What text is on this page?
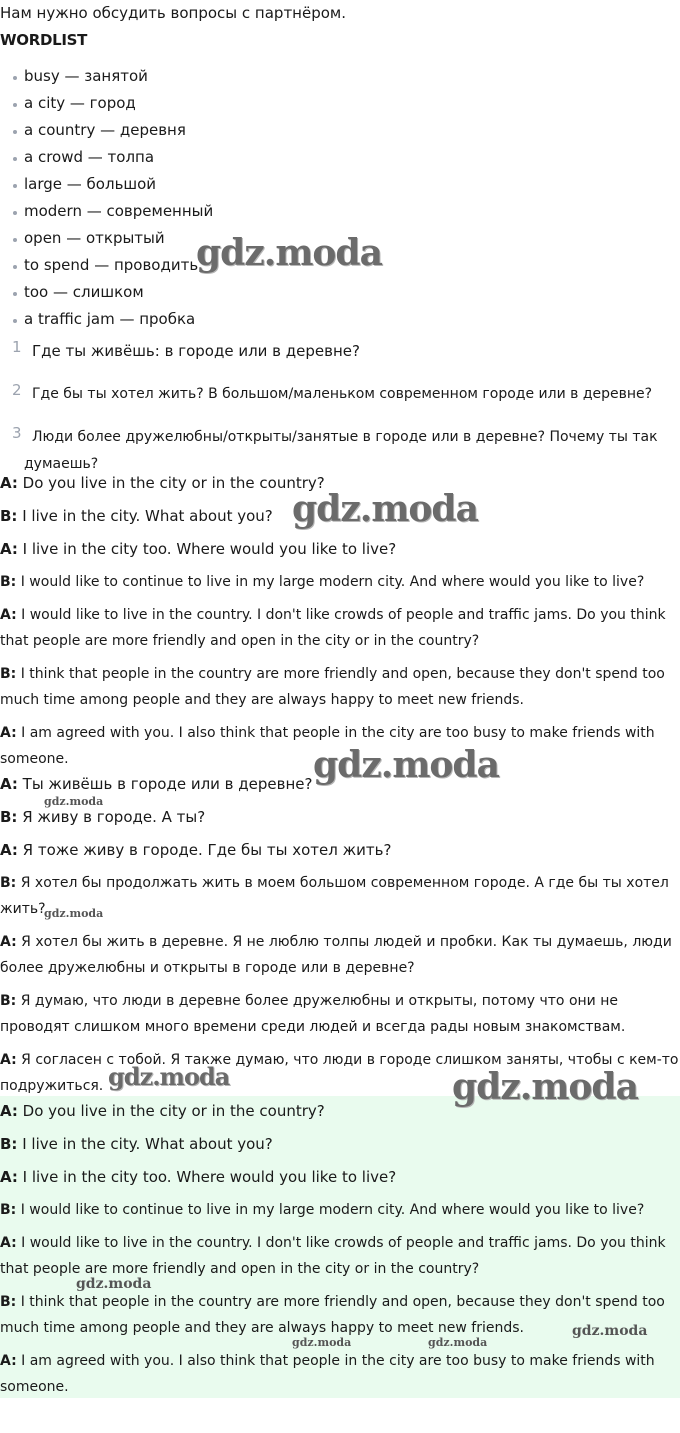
Нам нужно обсудить вопросы с партнёром.
WORDLIST
busy — занятой
a city — город
a country — деревня
a crowd — толпа
large — большой
modern — современный
open — открытый
to spend — проводить
too — слишком
a traffic jam — пробка
1 Где ты живёшь: в городе или в деревне?
2 Где бы ты хотел жить? В большом/маленьком современном городе или в деревне?
3 Люди более дружелюбны/открыты/занятые в городе или в деревне? Почему ты так
думаешь?
A: Do you live in the city or in the country?
B: I live in the city. What about you?
A: I live in the city too. Where would you like to live?
B: I would like to continue to live in my large modern city. And where would you like to live?
A: I would like to live in the country. I don't like crowds of people and traffic jams. Do you think that people are more friendly and open in the city or in the country?
B: I think that people in the country are more friendly and open, because they don't spend too much time among people and they are always happy to meet new friends.
A: I am agreed with you. I also think that people in the city are too busy to make friends with someone.
A: Ты живёшь в городе или в деревне?
B: Я живу в городе. А ты?
A: Я тоже живу в городе. Где бы ты хотел жить?
B: Я хотел бы продолжать жить в моем большом современном городе. А где бы ты хотел жить?
A: Я хотел бы жить в деревне. Я не люблю толпы людей и пробки. Как ты думаешь, люди более дружелюбны и открыты в городе или в деревне?
B: Я думаю, что люди в деревне более дружелюбны и открыты, потому что они не проводят слишком много времени среди людей и всегда рады новым знакомствам.
A: Я согласен с тобой. Я также думаю, что люди в городе слишком заняты, чтобы с кем-то подружиться.
A: Do you live in the city or in the country?
B: I live in the city. What about you?
A: I live in the city too. Where would you like to live?
B: I would like to continue to live in my large modern city. And where would you like to live?
A: I would like to live in the country. I don't like crowds of people and traffic jams. Do you think that people are more friendly and open in the city or in the country?
B: I think that people in the country are more friendly and open, because they don't spend too much time among people and they are always happy to meet new friends.
A: I am agreed with you. I also think that people in the city are too busy to make friends with someone.
gdz.moda
gdz.moda
gdz.moda
gdz.moda	gdz.moda
gdz.moda
gdz.moda
gdz.moda
gdz.moda
gdz.moda	gdz.moda
